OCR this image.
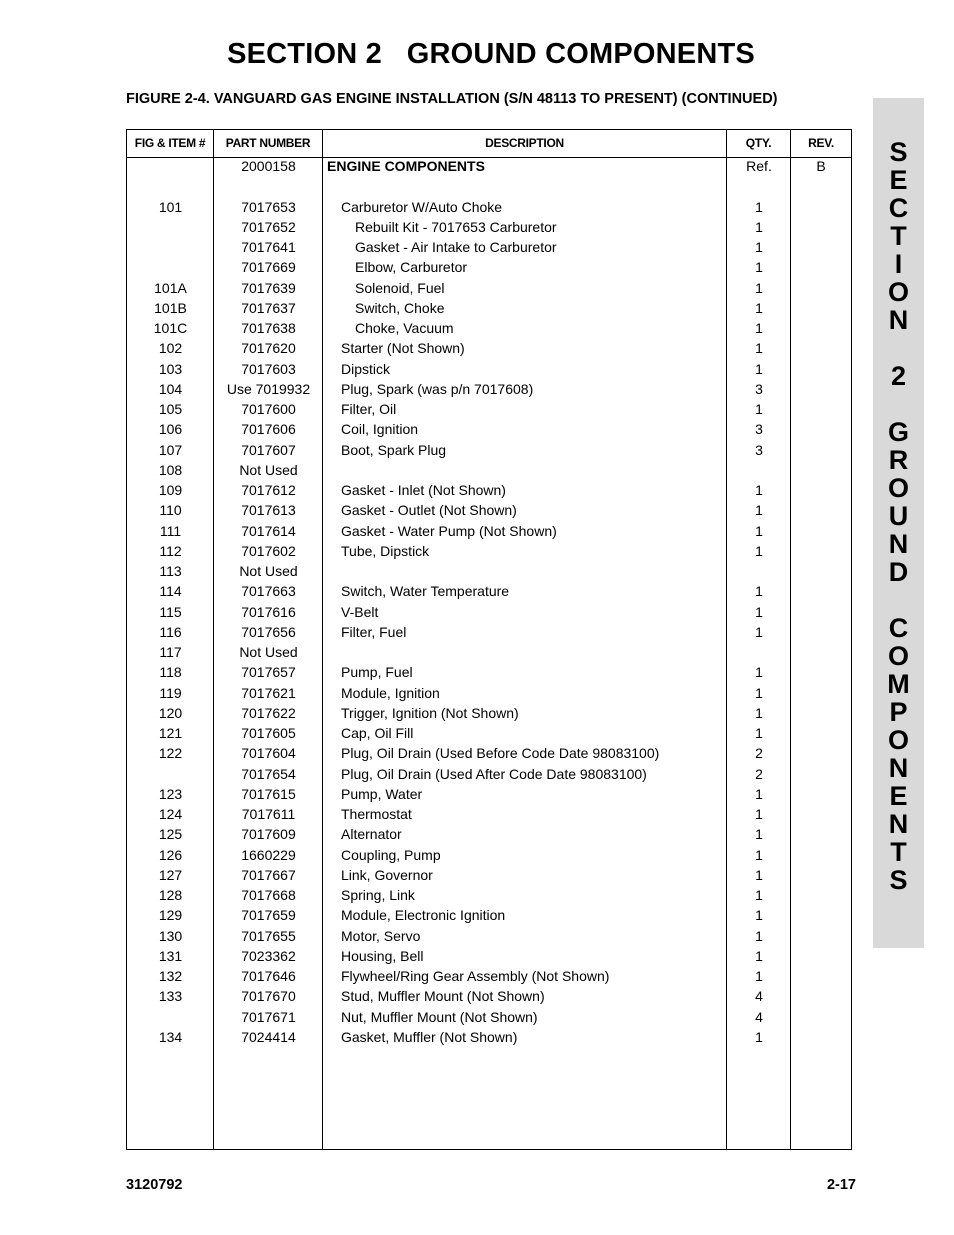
SECTION 2   GROUND COMPONENTS
FIGURE 2-4. VANGUARD GAS ENGINE INSTALLATION (S/N 48113 TO PRESENT) (CONTINUED)
S
E
C
T
I
O
N
2
G
R
O
U
N
D
C
O
M
P
O
N
E
N
T
S
FIG & ITEM #	PART NUMBER	DESCRIPTION	QTY.	REV.
2000158	ENGINE COMPONENTS	Ref.	B
101	7017653	Carburetor W/Auto Choke	1
7017652	Rebuilt Kit - 7017653 Carburetor	1
7017641	Gasket - Air Intake to Carburetor	1
7017669	Elbow, Carburetor	1
101A	7017639	Solenoid, Fuel	1
101B	7017637	Switch, Choke	1
101C	7017638	Choke, Vacuum	1
102	7017620	Starter (Not Shown)	1
103	7017603	Dipstick	1
104	Use 7019932	Plug, Spark (was p/n 7017608)	3
105	7017600	Filter, Oil	1
106	7017606	Coil, Ignition	3
107	7017607	Boot, Spark Plug	3
108	Not Used
109	7017612	Gasket - Inlet (Not Shown)	1
110	7017613	Gasket - Outlet (Not Shown)	1
111	7017614	Gasket - Water Pump (Not Shown)	1
112	7017602	Tube, Dipstick	1
113	Not Used
114	7017663	Switch, Water Temperature	1
115	7017616	V-Belt	1
116	7017656	Filter, Fuel	1
117	Not Used
118	7017657	Pump, Fuel	1
119	7017621	Module, Ignition	1
120	7017622	Trigger, Ignition (Not Shown)	1
121	7017605	Cap, Oil Fill	1
122	7017604	Plug, Oil Drain (Used Before Code Date 98083100)	2
7017654	Plug, Oil Drain (Used After Code Date 98083100)	2
123	7017615	Pump, Water	1
124	7017611	Thermostat	1
125	7017609	Alternator	1
126	1660229	Coupling, Pump	1
127	7017667	Link, Governor	1
128	7017668	Spring, Link	1
129	7017659	Module, Electronic Ignition	1
130	7017655	Motor, Servo	1
131	7023362	Housing, Bell	1
132	7017646	Flywheel/Ring Gear Assembly (Not Shown)	1
133	7017670	Stud, Muffler Mount (Not Shown)	4
7017671	Nut, Muffler Mount (Not Shown)	4
134	7024414	Gasket, Muffler (Not Shown)	1
3120792	2-17
